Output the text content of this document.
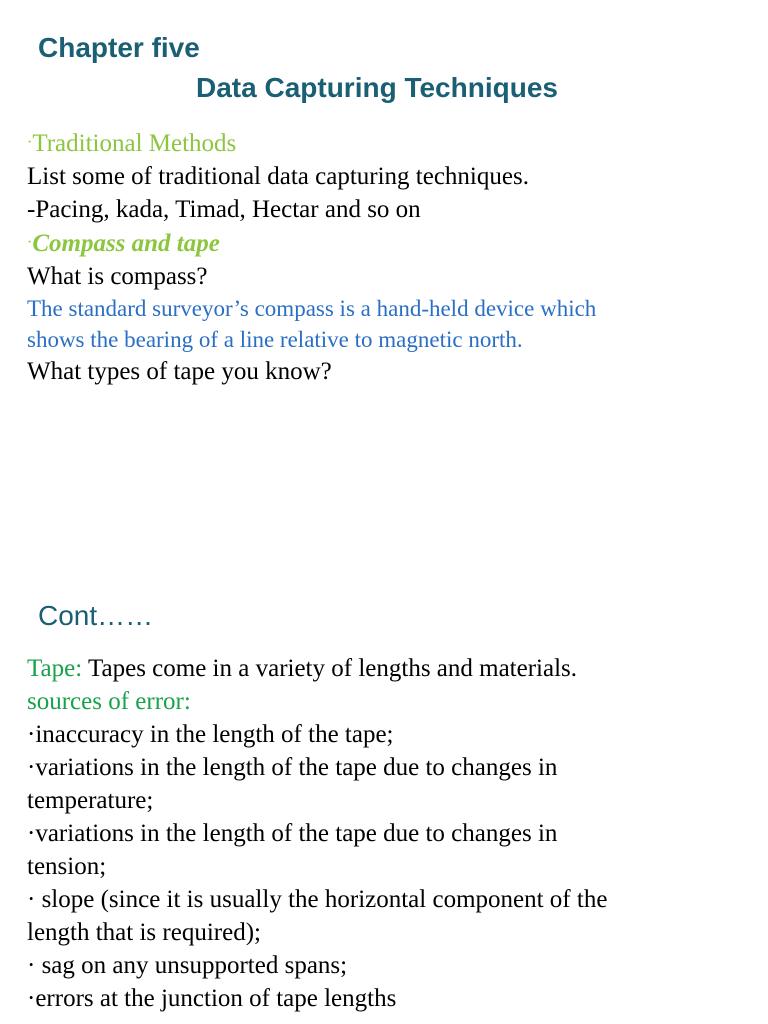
Chapter five
Data Capturing Techniques
·Traditional Methods
List some of traditional data capturing techniques.
-Pacing, kada, Timad, Hectar and so on
·Compass and tape
What is compass?
The standard surveyor’s compass is a hand-held device which
shows the bearing of a line relative to magnetic north.
What types of tape you know?
Cont……
Tape: Tapes come in a variety of lengths and materials.
sources of error:
·inaccuracy in the length of the tape;
·variations in the length of the tape due to changes in
temperature;
·variations in the length of the tape due to changes in
tension;
· slope (since it is usually the horizontal component of the
length that is required);
· sag on any unsupported spans;
·errors at the junction of tape lengths
